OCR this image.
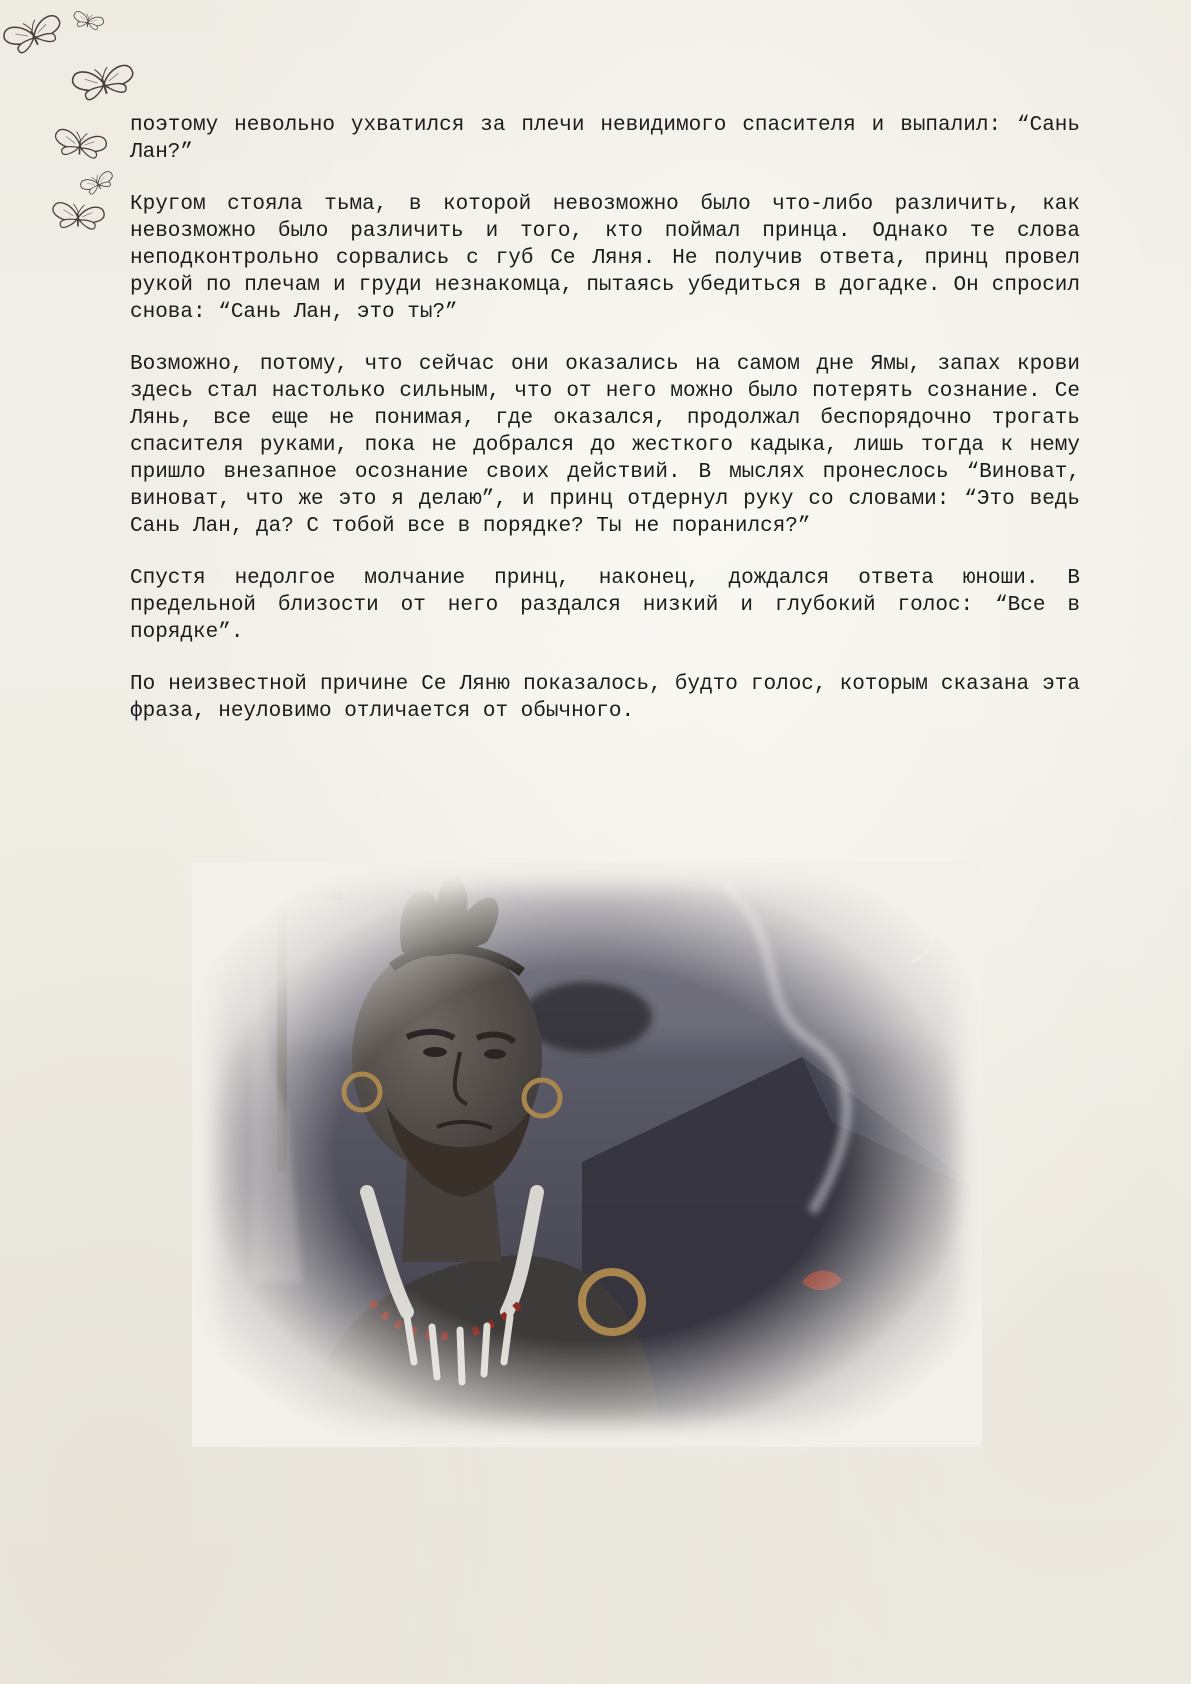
поэтому невольно ухватился за плечи невидимого спасителя и выпалил: “Сань Лан?”

Кругом стояла тьма, в которой невозможно было что-либо различить, как невозможно было различить и того, кто поймал принца. Однако те слова неподконтрольно сорвались с губ Се Ляня. Не получив ответа, принц провел рукой по плечам и груди незнакомца, пытаясь убедиться в догадке. Он спросил снова: “Сань Лан, это ты?”

Возможно, потому, что сейчас они оказались на самом дне Ямы, запах крови здесь стал настолько сильным, что от него можно было потерять сознание. Се Лянь, все еще не понимая, где оказался, продолжал беспорядочно трогать спасителя руками, пока не добрался до жесткого кадыка, лишь тогда к нему пришло внезапное осознание своих действий. В мыслях пронеслось “Виноват, виноват, что же это я делаю”, и принц отдернул руку со словами: “Это ведь Сань Лан, да? С тобой все в порядке? Ты не поранился?”

Спустя недолгое молчание принц, наконец, дождался ответа юноши. В предельной близости от него раздался низкий и глубокий голос: “Все в порядке”.

По неизвестной причине Се Ляню показалось, будто голос, которым сказана эта фраза, неуловимо отличается от обычного.
